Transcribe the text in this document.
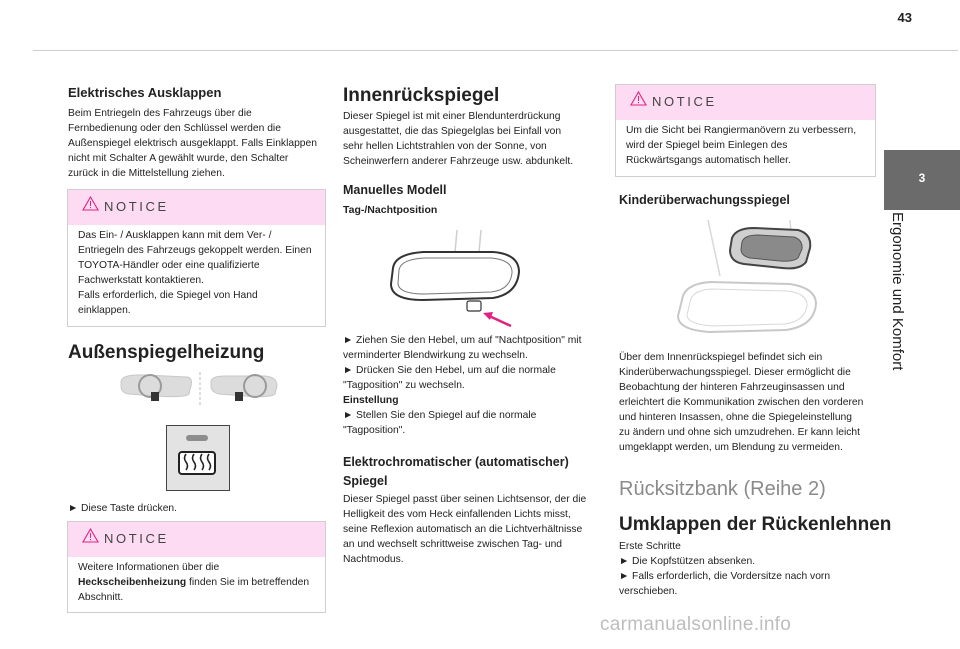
43
3
Ergonomie und Komfort
Elektrisches Ausklappen

Beim Entriegeln des Fahrzeugs über die

Fernbedienung oder den Schlüssel werden die

Außenspiegel elektrisch ausgeklappt. Falls Einklappen

nicht mit Schalter A gewählt wurde, den Schalter

zurück in die Mittelstellung ziehen.

NOTICE

Das Ein- / Ausklappen kann mit dem Ver- /

Entriegeln des Fahrzeugs gekoppelt werden. Einen

TOYOTA-Händler oder eine qualifizierte

Fachwerkstatt kontaktieren.

Falls erforderlich, die Spiegel von Hand

einklappen.

Außenspiegelheizung

► Diese Taste drücken.

NOTICE

Weitere Informationen über die

Heckscheibenheizung finden Sie im betreffenden

Abschnitt.

Innenrückspiegel

Dieser Spiegel ist mit einer Blendunterdrückung

ausgestattet, die das Spiegelglas bei Einfall von

sehr hellen Lichtstrahlen von der Sonne, von

Scheinwerfern anderer Fahrzeuge usw. abdunkelt.

Manuelles Modell
Tag-/Nachtposition

► Ziehen Sie den Hebel, um auf "Nachtposition" mit

verminderter Blendwirkung zu wechseln.

► Drücken Sie den Hebel, um auf die normale

"Tagposition" zu wechseln.

Einstellung

► Stellen Sie den Spiegel auf die normale

"Tagposition".

Elektrochromatischer (automatischer)
Spiegel

Dieser Spiegel passt über seinen Lichtsensor, der die

Helligkeit des vom Heck einfallenden Lichts misst,

seine Reflexion automatisch an die Lichtverhältnisse

an und wechselt schrittweise zwischen Tag- und

Nachtmodus.

NOTICE

Um die Sicht bei Rangiermanövern zu verbessern,

wird der Spiegel beim Einlegen des

Rückwärtsgangs automatisch heller.

Kinderüberwachungsspiegel

Über dem Innenrückspiegel befindet sich ein

Kinderüberwachungsspiegel. Dieser ermöglicht die

Beobachtung der hinteren Fahrzeuginsassen und

erleichtert die Kommunikation zwischen den vorderen

und hinteren Insassen, ohne die Spiegeleinstellung

zu ändern und ohne sich umzudrehen. Er kann leicht

umgeklappt werden, um Blendung zu vermeiden.

Rücksitzbank (Reihe 2)
Umklappen der Rückenlehnen

Erste Schritte

► Die Kopfstützen absenken.

► Falls erforderlich, die Vordersitze nach vorn

verschieben.

carmanualsonline.info
